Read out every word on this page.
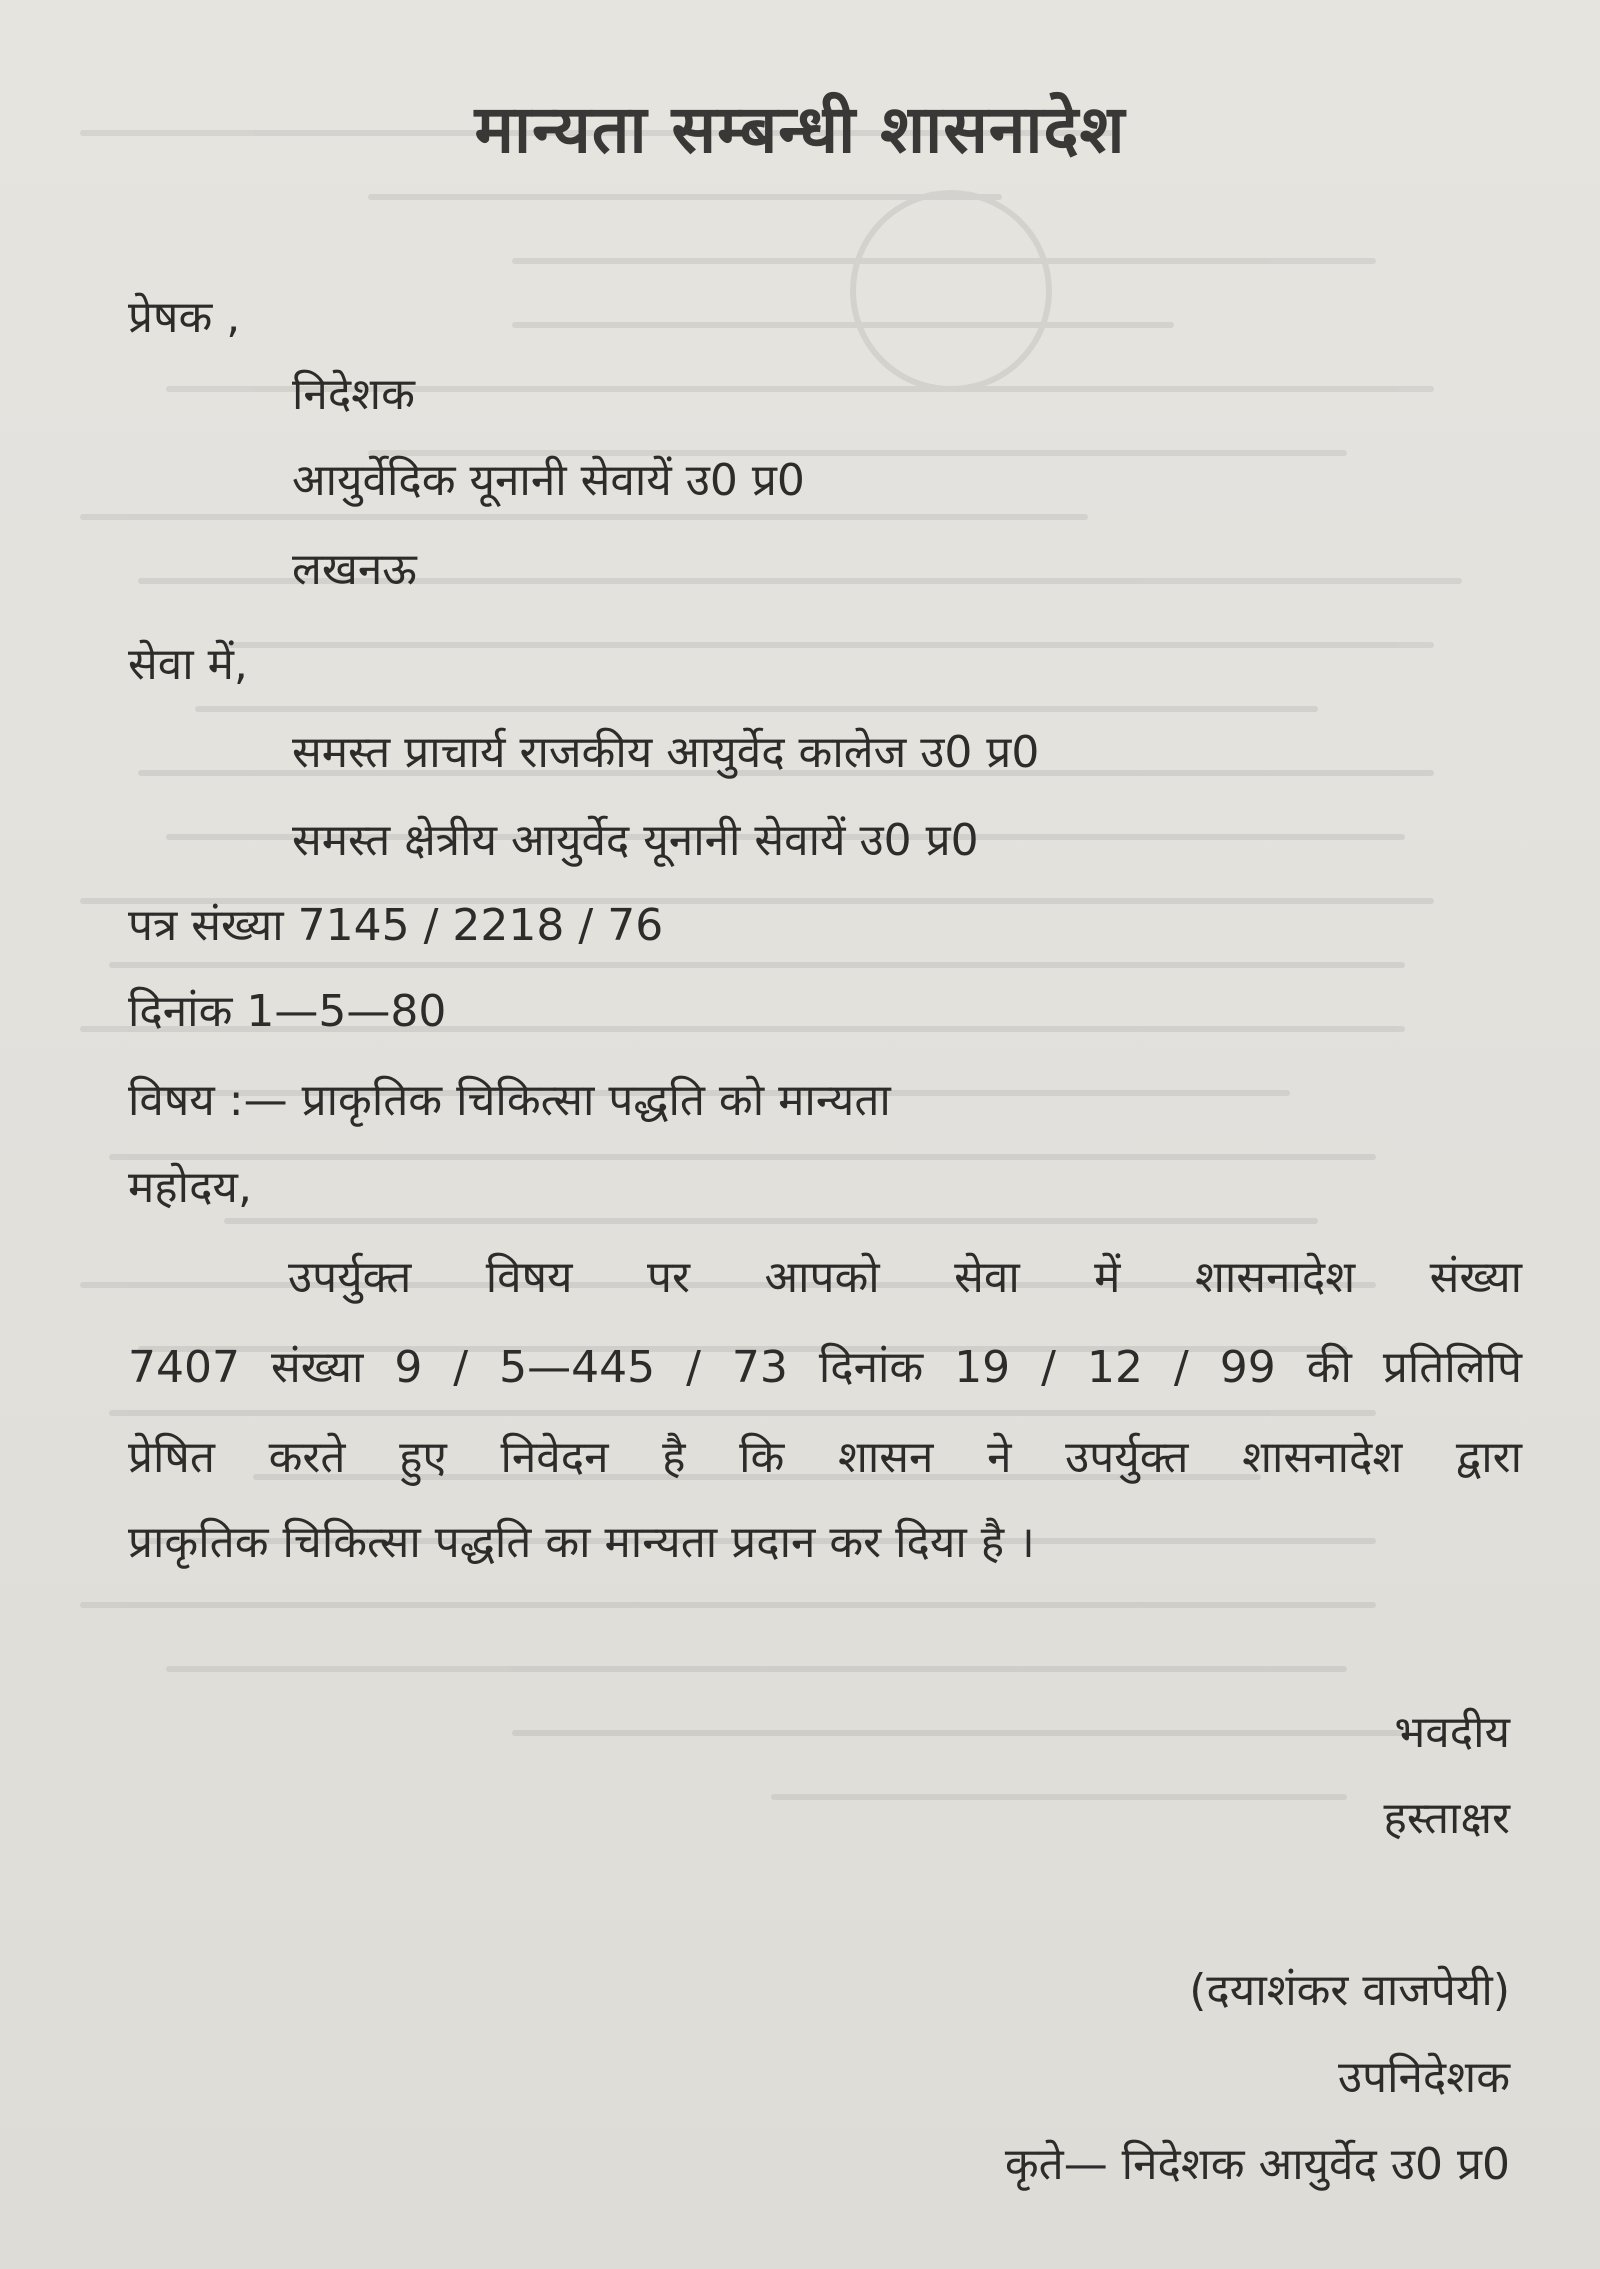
मान्यता सम्बन्धी शासनादेश
प्रेषक ,
निदेशक
आयुर्वेदिक यूनानी सेवायें उ0 प्र0
लखनऊ
सेवा में,
समस्त प्राचार्य राजकीय आयुर्वेद कालेज उ0 प्र0
समस्त क्षेत्रीय आयुर्वेद यूनानी सेवायें उ0 प्र0
पत्र संख्या 7145 / 2218 / 76
दिनांक 1—5—80
विषय :— प्राकृतिक चिकित्सा पद्धति को मान्यता
महोदय,
उपर्युक्त विषय पर आपको सेवा में शासनादेश संख्या
7407 संख्या 9 / 5—445 / 73 दिनांक 19 / 12 / 99 की प्रतिलिपि
प्रेषित करते हुए निवेदन है कि शासन ने उपर्युक्त शासनादेश द्वारा
प्राकृतिक चिकित्सा पद्धति का मान्यता प्रदान कर दिया है ।
भवदीय
हस्ताक्षर
(दयाशंकर वाजपेयी)
उपनिदेशक
कृते— निदेशक आयुर्वेद उ0 प्र0
